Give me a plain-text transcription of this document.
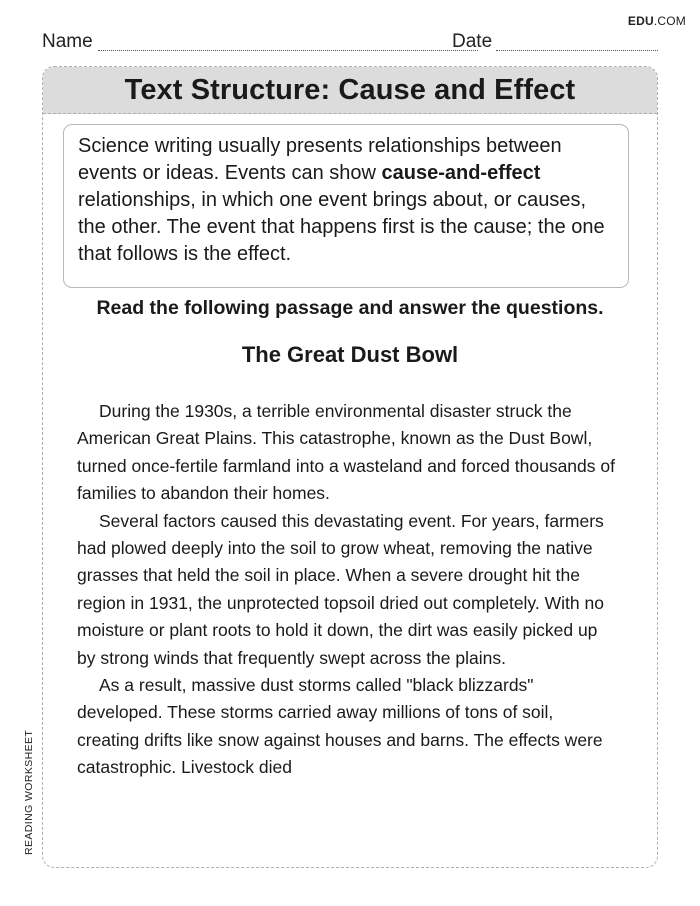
EDU.COM
Name	Date
Text Structure: Cause and Effect
Science writing usually presents relationships between events or ideas. Events can show cause-and-effect relationships, in which one event brings about, or causes, the other. The event that happens first is the cause; the one that follows is the effect.
Read the following passage and answer the questions.
The Great Dust Bowl

During the 1930s, a terrible environmental disaster struck the American Great Plains. This catastrophe, known as the Dust Bowl, turned once-fertile farmland into a wasteland and forced thousands of families to abandon their homes.

Several factors caused this devastating event. For years, farmers had plowed deeply into the soil to grow wheat, removing the native grasses that held the soil in place. When a severe drought hit the region in 1931, the unprotected topsoil dried out completely. With no moisture or plant roots to hold it down, the dirt was easily picked up by strong winds that frequently swept across the plains.

As a result, massive dust storms called "black blizzards" developed. These storms carried away millions of tons of soil, creating drifts like snow against houses and barns. The effects were catastrophic. Livestock died

READING WORKSHEET
